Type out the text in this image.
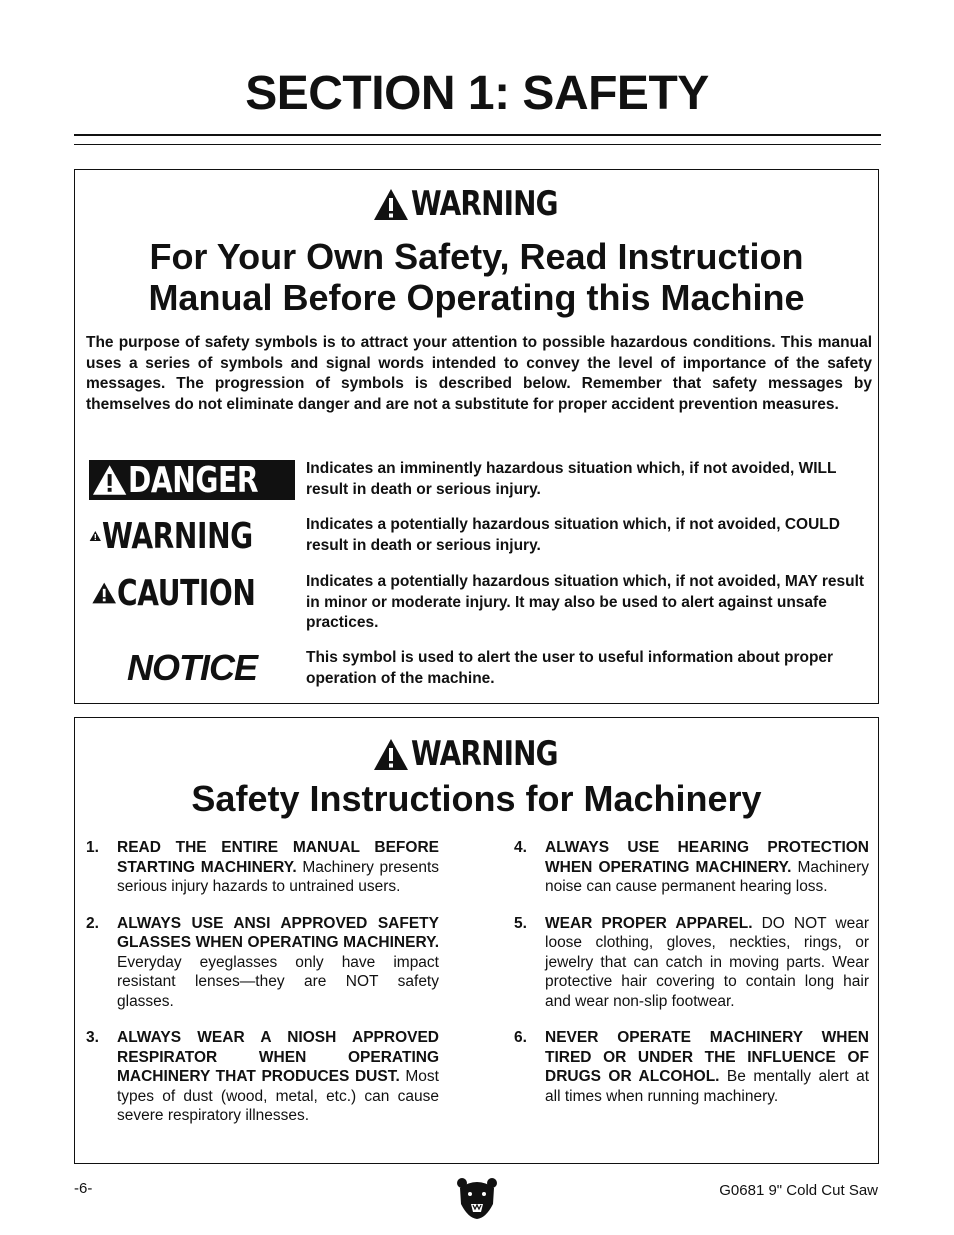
SECTION 1: SAFETY
WARNING
For Your Own Safety, Read Instruction
Manual Before Operating this Machine
The purpose of safety symbols is to attract your attention to possible hazardous conditions. This manual uses a series of symbols and signal words intended to convey the level of importance of the safety messages. The progression of symbols is described below. Remember that safety messages by themselves do not eliminate danger and are not a substitute for proper accident prevention measures.
DANGER	Indicates an imminently hazardous situation which, if not avoided, WILL result in death or serious injury.
WARNING	Indicates a potentially hazardous situation which, if not avoided, COULD result in death or serious injury.
CAUTION	Indicates a potentially hazardous situation which, if not avoided, MAY result in minor or moderate injury. It may also be used to alert against unsafe practices.
NOTICE	This symbol is used to alert the user to useful information about proper operation of the machine.
WARNING
Safety Instructions for Machinery
1. READ THE ENTIRE MANUAL BEFORE STARTING MACHINERY. Machinery presents serious injury hazards to untrained users.
2. ALWAYS USE ANSI APPROVED SAFETY GLASSES WHEN OPERATING MACHINERY. Everyday eyeglasses only have impact resistant lenses—they are NOT safety glasses.
3. ALWAYS WEAR A NIOSH APPROVED RESPIRATOR WHEN OPERATING MACHINERY THAT PRODUCES DUST. Most types of dust (wood, metal, etc.) can cause severe respiratory illnesses.
4. ALWAYS USE HEARING PROTECTION WHEN OPERATING MACHINERY. Machinery noise can cause permanent hearing loss.
5. WEAR PROPER APPAREL. DO NOT wear loose clothing, gloves, neckties, rings, or jewelry that can catch in moving parts. Wear protective hair covering to contain long hair and wear non-slip footwear.
6. NEVER OPERATE MACHINERY WHEN TIRED OR UNDER THE INFLUENCE OF DRUGS OR ALCOHOL. Be mentally alert at all times when running machinery.
-6-	G0681 9" Cold Cut Saw
